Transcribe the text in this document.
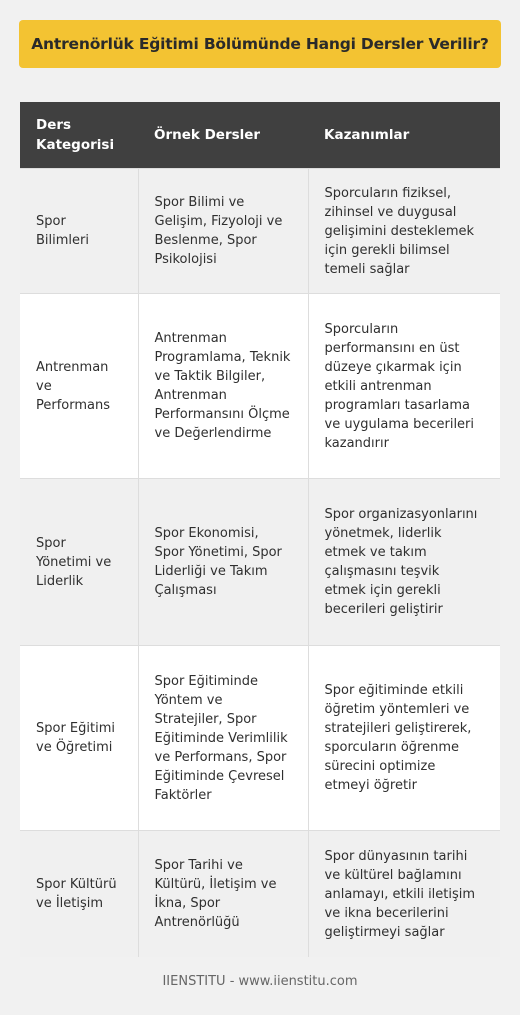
Antrenörlük Eğitimi Bölümünde Hangi Dersler Verilir?
Ders Kategorisi	Örnek Dersler	Kazanımlar
Spor Bilimleri	Spor Bilimi ve Gelişim, Fizyoloji ve Beslenme, Spor Psikolojisi	Sporcuların fiziksel, zihinsel ve duygusal gelişimini desteklemek için gerekli bilimsel temeli sağlar
Antrenman ve Performans	Antrenman Programlama, Teknik ve Taktik Bilgiler, Antrenman Performansını Ölçme ve Değerlendirme	Sporcuların performansını en üst düzeye çıkarmak için etkili antrenman programları tasarlama ve uygulama becerileri kazandırır
Spor Yönetimi ve Liderlik	Spor Ekonomisi, Spor Yönetimi, Spor Liderliği ve Takım Çalışması	Spor organizasyonlarını yönetmek, liderlik etmek ve takım çalışmasını teşvik etmek için gerekli becerileri geliştirir
Spor Eğitimi ve Öğretimi	Spor Eğitiminde Yöntem ve Stratejiler, Spor Eğitiminde Verimlilik ve Performans, Spor Eğitiminde Çevresel Faktörler	Spor eğitiminde etkili öğretim yöntemleri ve stratejileri geliştirerek, sporcuların öğrenme sürecini optimize etmeyi öğretir
Spor Kültürü ve İletişim	Spor Tarihi ve Kültürü, İletişim ve İkna, Spor Antrenörlüğü	Spor dünyasının tarihi ve kültürel bağlamını anlamayı, etkili iletişim ve ikna becerilerini geliştirmeyi sağlar
IIENSTITU - www.iienstitu.com
